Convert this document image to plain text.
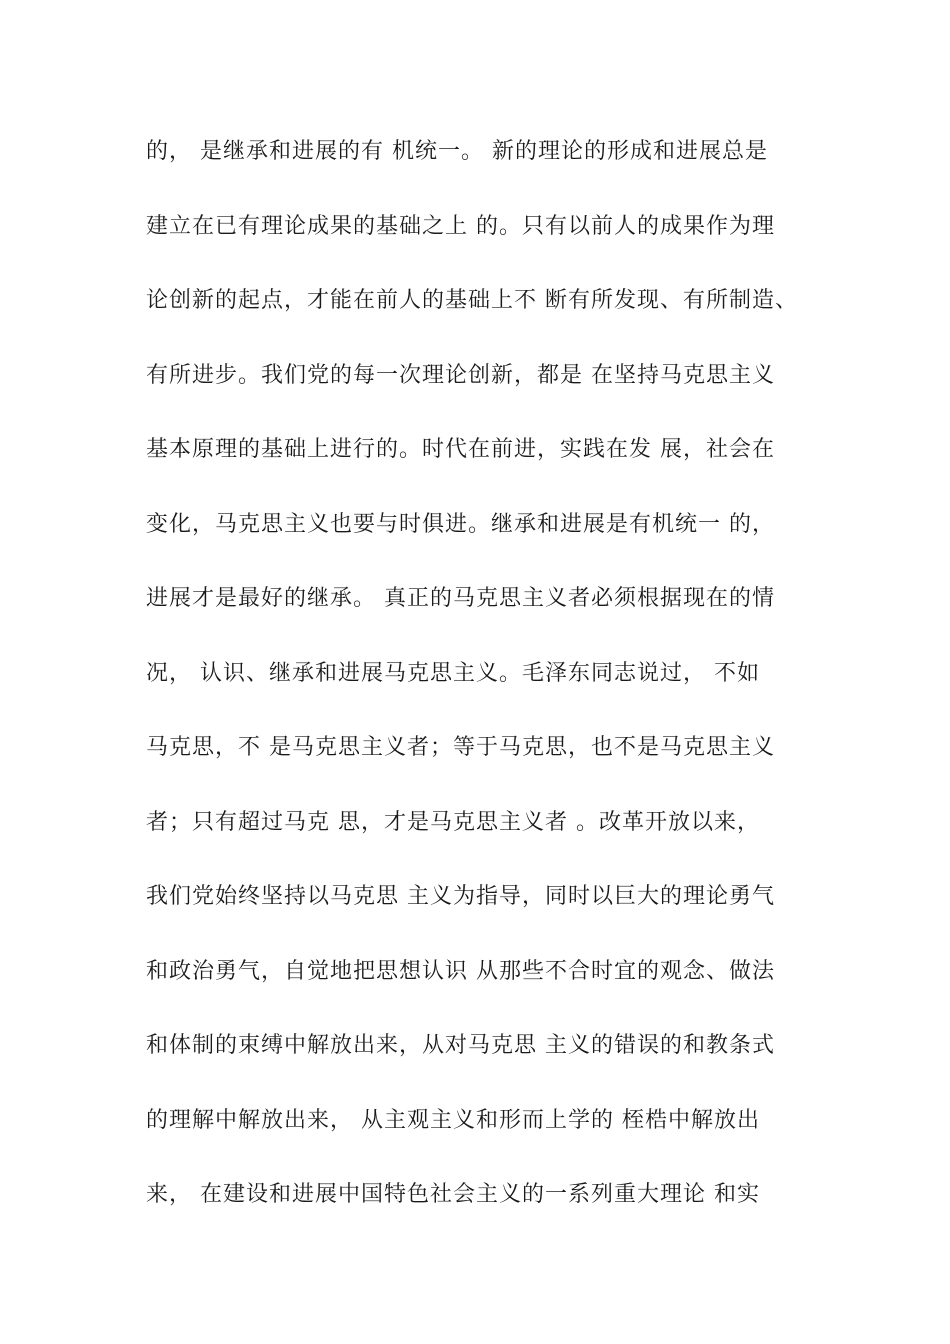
的， 是继承和进展的有 机统一。 新的理论的形成和进展总是
建立在已有理论成果的基础之上 的。只有以前人的成果作为理
论创新的起点，才能在前人的基础上不 断有所发现、有所制造、
有所进步。我们党的每一次理论创新，都是 在坚持马克思主义
基本原理的基础上进行的。时代在前进，实践在发 展，社会在
变化，马克思主义也要与时俱进。继承和进展是有机统一 的，
进展才是最好的继承。 真正的马克思主义者必须根据现在的情
况， 认识、继承和进展马克思主义。毛泽东同志说过， 不如
马克思，不 是马克思主义者；等于马克思，也不是马克思主义
者；只有超过马克 思，才是马克思主义者 。改革开放以来，
我们党始终坚持以马克思 主义为指导，同时以巨大的理论勇气
和政治勇气，自觉地把思想认识 从那些不合时宜的观念、做法
和体制的束缚中解放出来，从对马克思 主义的错误的和教条式
的理解中解放出来， 从主观主义和形而上学的 桎梏中解放出
来， 在建设和进展中国特色社会主义的一系列重大理论 和实
